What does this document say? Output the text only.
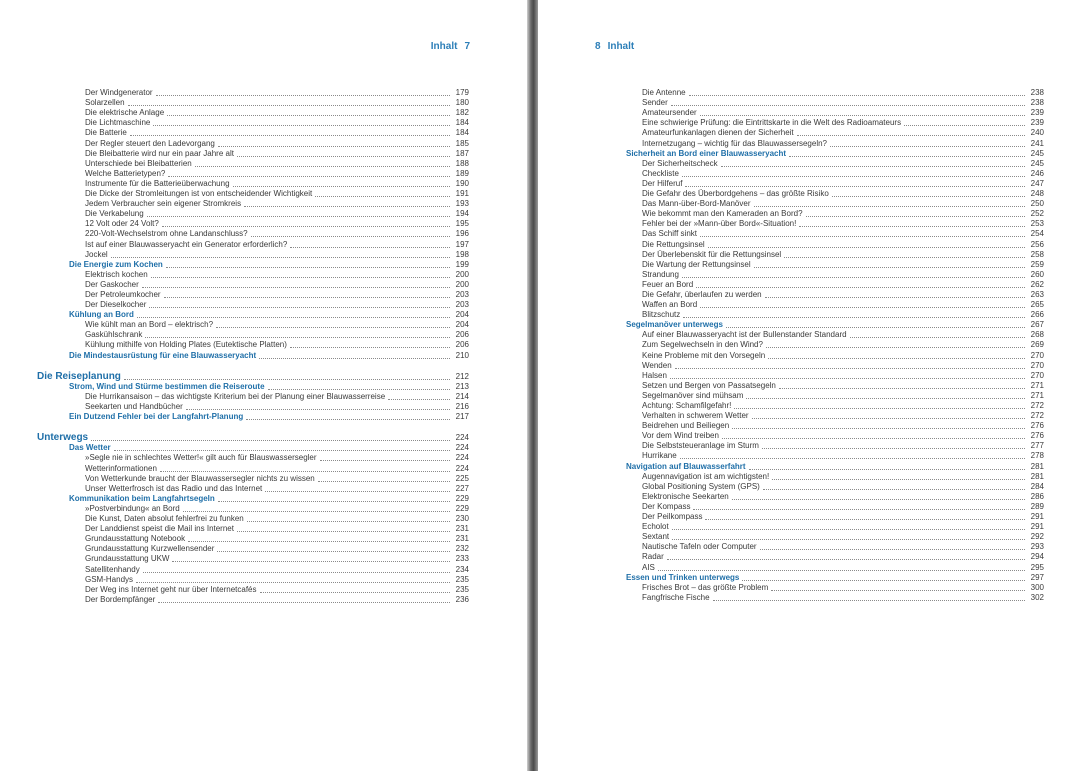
Inhalt 7
Der Windgenerator	179
Solarzellen	180
Die elektrische Anlage	182
Die Lichtmaschine	184
Die Batterie	184
Der Regler steuert den Ladevorgang	185
Die Bleibatterie wird nur ein paar Jahre alt	187
Unterschiede bei Bleibatterien	188
Welche Batterietypen?	189
Instrumente für die Batterieüberwachung	190
Die Dicke der Stromleitungen ist von entscheidender Wichtigkeit	191
Jedem Verbraucher sein eigener Stromkreis	193
Die Verkabelung	194
12 Volt oder 24 Volt?	195
220-Volt-Wechselstrom ohne Landanschluss?	196
Ist auf einer Blauwasseryacht ein Generator erforderlich?	197
Jockel	198
Die Energie zum Kochen	199
Elektrisch kochen	200
Der Gaskocher	200
Der Petroleumkocher	203
Der Dieselkocher	203
Kühlung an Bord	204
Wie kühlt man an Bord – elektrisch?	204
Gaskühlschrank	206
Kühlung mithilfe von Holding Plates (Eutektische Platten)	206
Die Mindestausrüstung für eine Blauwasseryacht	210
Die Reiseplanung	212
Strom, Wind und Stürme bestimmen die Reiseroute	213
Die Hurrikansaison – das wichtigste Kriterium bei der Planung einer Blauwasserreise	214
Seekarten und Handbücher	216
Ein Dutzend Fehler bei der Langfahrt-Planung	217
Unterwegs	224
Das Wetter	224
»Segle nie in schlechtes Wetter!« gilt auch für Blauswassersegler	224
Wetterinformationen	224
Von Wetterkunde braucht der Blauwassersegler nichts zu wissen	225
Unser Wetterfrosch ist das Radio und das Internet	227
Kommunikation beim Langfahrtsegeln	229
»Postverbindung« an Bord	229
Die Kunst, Daten absolut fehlerfrei zu funken	230
Der Landdienst speist die Mail ins Internet	231
Grundausstattung Notebook	231
Grundausstattung Kurzwellensender	232
Grundausstattung UKW	233
Satellitenhandy	234
GSM-Handys	235
Der Weg ins Internet geht nur über Internetcafés	235
Der Bordempfänger	236
8 Inhalt
Die Antenne	238
Sender	238
Amateursender	239
Eine schwierige Prüfung: die Eintrittskarte in die Welt des Radioamateurs	239
Amateurfunkanlagen dienen der Sicherheit	240
Internetzugang – wichtig für das Blauwassersegeln?	241
Sicherheit an Bord einer Blauwasseryacht	245
Der Sicherheitscheck	245
Checkliste	246
Der Hilferuf	247
Die Gefahr des Überbordgehens – das größte Risiko	248
Das Mann-über-Bord-Manöver	250
Wie bekommt man den Kameraden an Bord?	252
Fehler bei der »Mann-über Bord«-Situation!	253
Das Schiff sinkt	254
Die Rettungsinsel	256
Der Überlebenskit für die Rettungsinsel	258
Die Wartung der Rettungsinsel	259
Strandung	260
Feuer an Bord	262
Die Gefahr, überlaufen zu werden	263
Waffen an Bord	265
Blitzschutz	266
Segelmanöver unterwegs	267
Auf einer Blauwasseryacht ist der Bullenstander Standard	268
Zum Segelwechseln in den Wind?	269
Keine Probleme mit den Vorsegeln	270
Wenden	270
Halsen	270
Setzen und Bergen von Passatsegeln	271
Segelmanöver sind mühsam	271
Achtung: Schamfilgefahr!	272
Verhalten in schwerem Wetter	272
Beidrehen und Beiliegen	276
Vor dem Wind treiben	276
Die Selbststeueranlage im Sturm	277
Hurrikane	278
Navigation auf Blauwasserfahrt	281
Augennavigation ist am wichtigsten!	281
Global Positioning System (GPS)	284
Elektronische Seekarten	286
Der Kompass	289
Der Peilkompass	291
Echolot	291
Sextant	292
Nautische Tafeln oder Computer	293
Radar	294
AIS	295
Essen und Trinken unterwegs	297
Frisches Brot – das größte Problem	300
Fangfrische Fische	302
